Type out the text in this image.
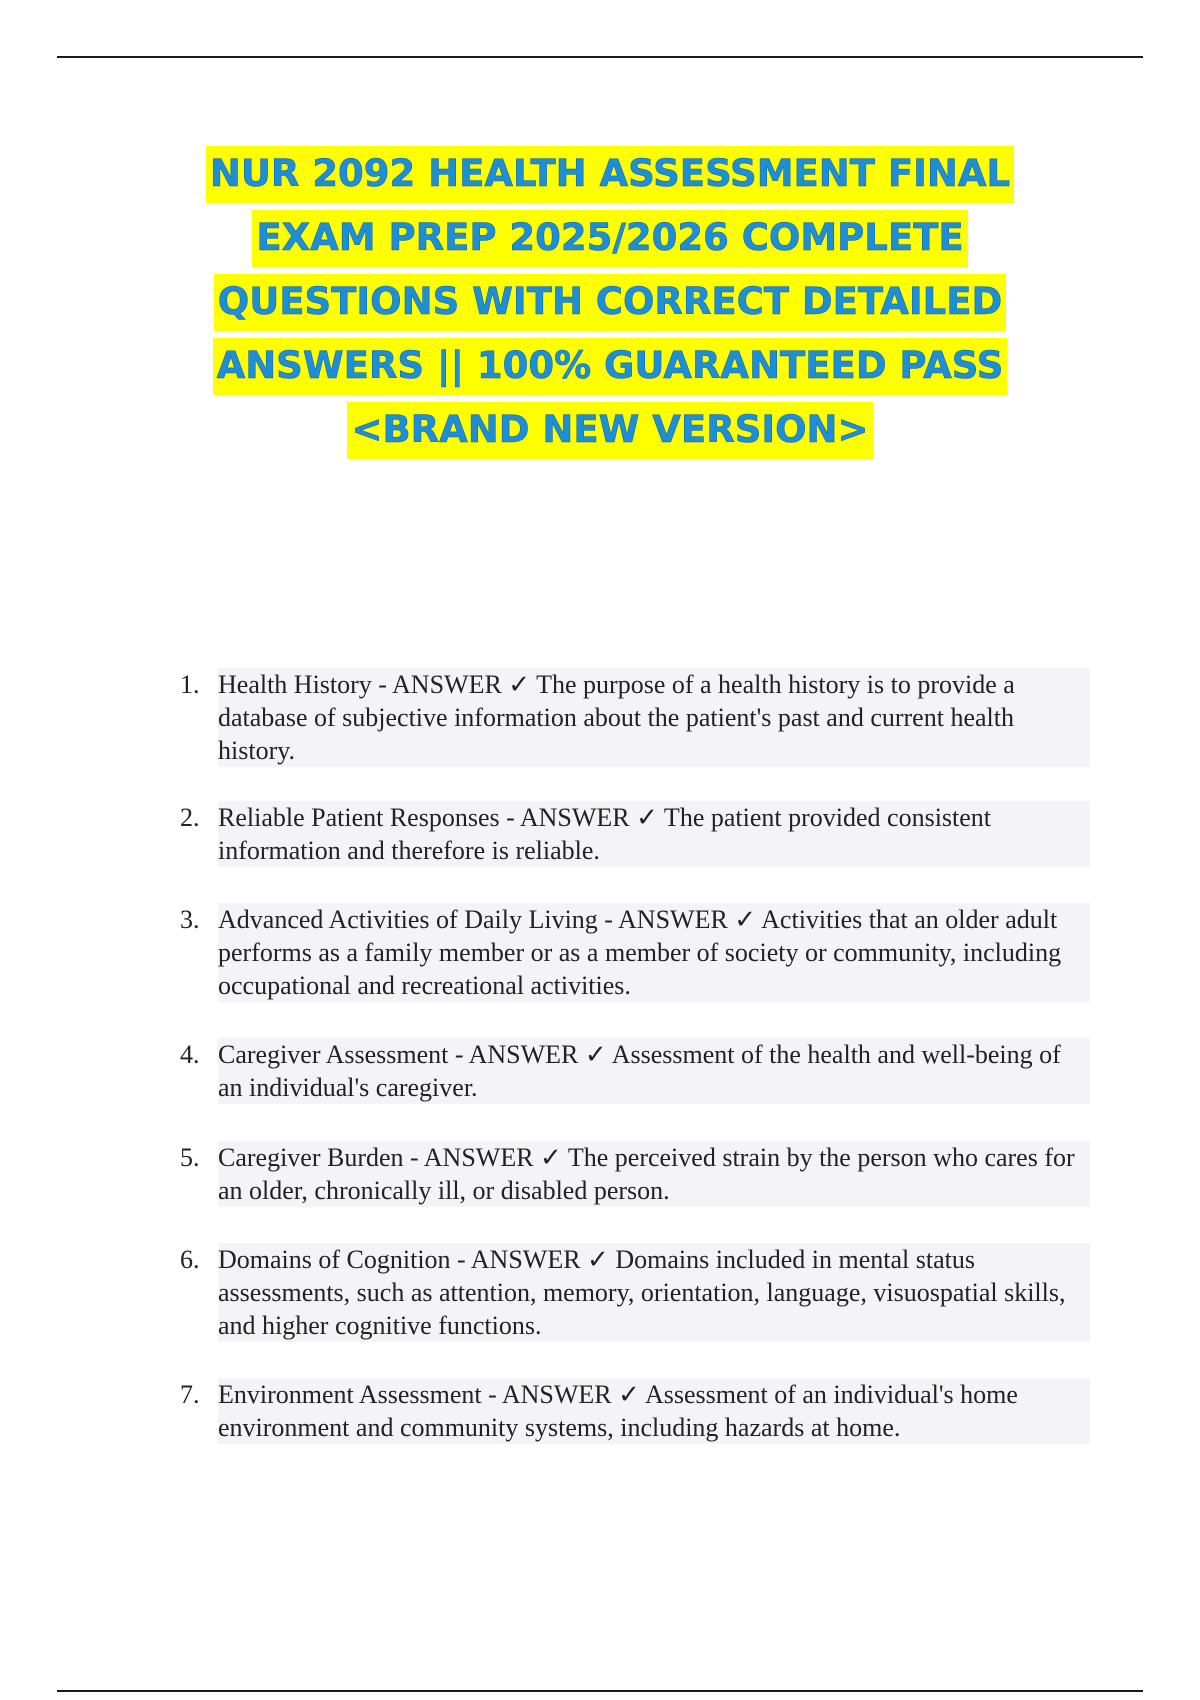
NUR 2092 HEALTH ASSESSMENT FINAL
EXAM PREP 2025/2026 COMPLETE
QUESTIONS WITH CORRECT DETAILED
ANSWERS || 100% GUARANTEED PASS
<BRAND NEW VERSION>
1. Health History - ANSWER ✓ The purpose of a health history is to provide a database of subjective information about the patient's past and current health history.
2. Reliable Patient Responses - ANSWER ✓ The patient provided consistent information and therefore is reliable.
3. Advanced Activities of Daily Living - ANSWER ✓ Activities that an older adult performs as a family member or as a member of society or community, including occupational and recreational activities.
4. Caregiver Assessment - ANSWER ✓ Assessment of the health and well-being of an individual's caregiver.
5. Caregiver Burden - ANSWER ✓ The perceived strain by the person who cares for an older, chronically ill, or disabled person.
6. Domains of Cognition - ANSWER ✓ Domains included in mental status assessments, such as attention, memory, orientation, language, visuospatial skills, and higher cognitive functions.
7. Environment Assessment - ANSWER ✓ Assessment of an individual's home environment and community systems, including hazards at home.
